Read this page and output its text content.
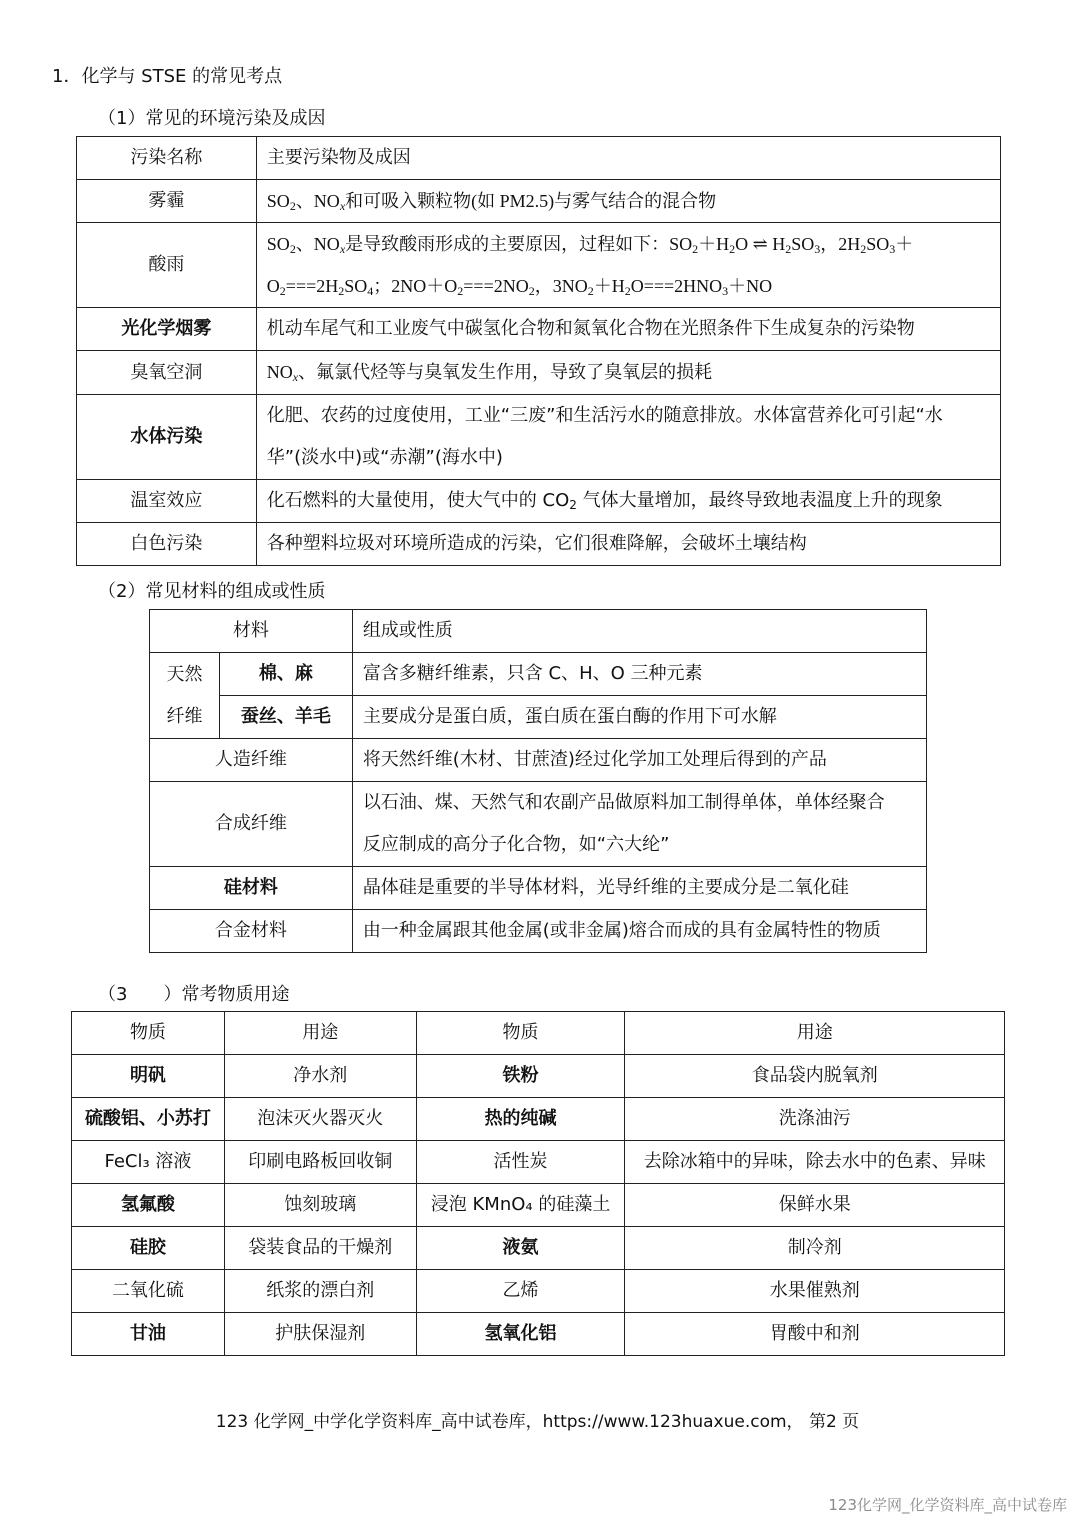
1．化学与 STSE 的常见考点
（1）常见的环境污染及成因
污染名称	主要污染物及成因
雾霾	$SO_2$、$NO_x$和可吸入颗粒物(如 PM2.5)与雾气结合的混合物
酸雨	$SO_2$、$NO_x$是导致酸雨形成的主要原因，过程如下：$SO_2+H_2O$ ⇌ $H_2SO_3$，$2H_2SO_3+$
$O_2===2H_2SO_4$；$2NO+O_2===2NO_2$，$3NO_2+H_2O===2HNO_3+NO$

光化学烟雾	机动车尾气和工业废气中碳氢化合物和氮氧化合物在光照条件下生成复杂的污染物
臭氧空洞	$NO_x$、氟氯代烃等与臭氧发生作用，导致了臭氧层的损耗
水体污染	化肥、农药的过度使用，工业“三废”和生活污水的随意排放。水体富营养化可引起“水
华”(淡水中)或“赤潮”(海水中)

温室效应	化石燃料的大量使用，使大气中的 $CO_2$ 气体大量增加，最终导致地表温度上升的现象
白色污染	各种塑料垃圾对环境所造成的污染，它们很难降解，会破坏土壤结构
（2）常见材料的组成或性质
材料		组成或性质

天然
纤维	棉、麻	富含多糖纤维素，只含 C、H、O 三种元素
	蚕丝、羊毛	主要成分是蛋白质，蛋白质在蛋白酶的作用下可水解
人造纤维		将天然纤维(木材、甘蔗渣)经过化学加工处理后得到的产品
合成纤维		以石油、煤、天然气和农副产品做原料加工制得单体，单体经聚合
反应制成的高分子化合物，如“六大纶”

硅材料		晶体硅是重要的半导体材料，光导纤维的主要成分是二氧化硅
合金材料		由一种金属跟其他金属(或非金属)熔合而成的具有金属特性的物质
（3　　）常考物质用途
物质	用途	物质	用途
明矾	净水剂	铁粉	食品袋内脱氧剂
硫酸铝、小苏打	泡沫灭火器灭火	热的纯碱	洗涤油污
FeCl₃ 溶液	印刷电路板回收铜	活性炭	去除冰箱中的异味，除去水中的色素、异味
氢氟酸	蚀刻玻璃	浸泡 KMnO₄ 的硅藻土	保鲜水果
硅胶	袋装食品的干燥剂	液氨	制冷剂
二氧化硫	纸浆的漂白剂	乙烯	水果催熟剂
甘油	护肤保湿剂	氢氧化铝	胃酸中和剂
123 化学网_中学化学资料库_高中试卷库，https://www.123huaxue.com， 第2 页
123化学网_化学资料库_高中试卷库
